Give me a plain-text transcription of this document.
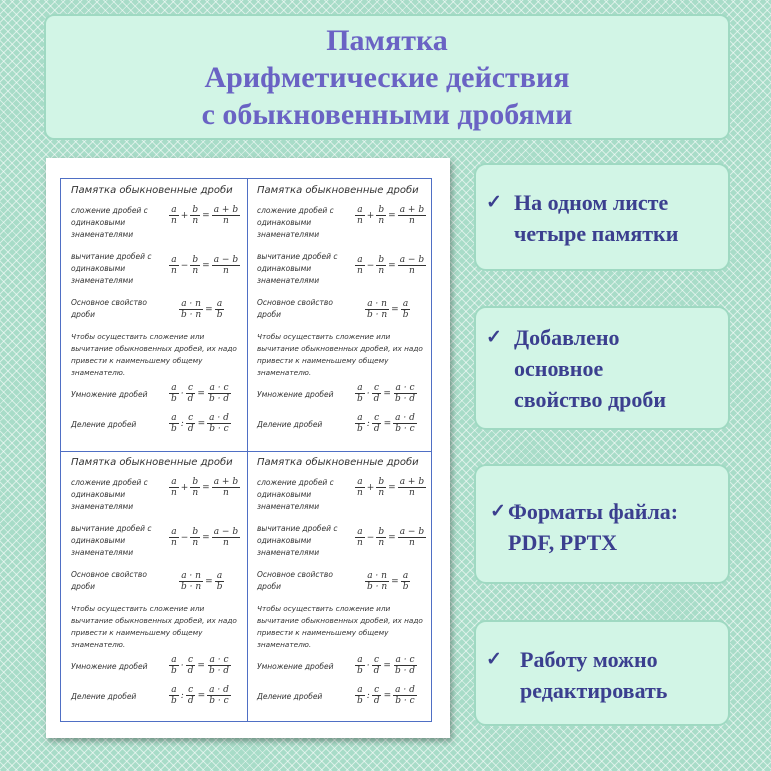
Памятка
Арифметические действия
с обыкновенными дробями
✓ На одном листе
четыре памятки
✓ Добавлено
основное
свойство дроби
✓ Форматы файла:
PDF, PPTX
✓ Работу можно
редактировать
Памятка обыкновенные дроби
сложение дробей с одинаковыми знаменателями
$\frac{a}{n} + \frac{b}{n} = \frac{a + b}{n}$
вычитание дробей с одинаковыми знаменателями
$\frac{a}{n} - \frac{b}{n} = \frac{a - b}{n}$
Основное свойство дроби	$\frac{a \cdot n}{b \cdot n} = \frac{a}{b}$
Чтобы осуществить сложение или вычитание обыкновенных дробей, их надо привести к наименьшему общему знаменателю.
Умножение дробей	$\frac{a}{b} \cdot \frac{c}{d} = \frac{a \cdot c}{b \cdot d}$
Деление дробей	$\frac{a}{b}$ : $\frac{c}{d} = \frac{a \cdot d}{b \cdot c}$
Памятка обыкновенные дроби
сложение дробей с одинаковыми знаменателями
$\frac{a}{n} + \frac{b}{n} = \frac{a + b}{n}$
вычитание дробей с одинаковыми знаменателями
$\frac{a}{n} - \frac{b}{n} = \frac{a - b}{n}$
Основное свойство дроби	$\frac{a \cdot n}{b \cdot n} = \frac{a}{b}$
Чтобы осуществить сложение или вычитание обыкновенных дробей, их надо привести к наименьшему общему знаменателю.
Умножение дробей	$\frac{a}{b} \cdot \frac{c}{d} = \frac{a \cdot c}{b \cdot d}$
Деление дробей	$\frac{a}{b}$ : $\frac{c}{d} = \frac{a \cdot d}{b \cdot c}$
Памятка обыкновенные дроби
сложение дробей с одинаковыми знаменателями
$\frac{a}{n} + \frac{b}{n} = \frac{a + b}{n}$
вычитание дробей с одинаковыми знаменателями
$\frac{a}{n} - \frac{b}{n} = \frac{a - b}{n}$
Основное свойство дроби	$\frac{a \cdot n}{b \cdot n} = \frac{a}{b}$
Чтобы осуществить сложение или вычитание обыкновенных дробей, их надо привести к наименьшему общему знаменателю.
Умножение дробей	$\frac{a}{b} \cdot \frac{c}{d} = \frac{a \cdot c}{b \cdot d}$
Деление дробей	$\frac{a}{b}$ : $\frac{c}{d} = \frac{a \cdot d}{b \cdot c}$
Памятка обыкновенные дроби
сложение дробей с одинаковыми знаменателями
$\frac{a}{n} + \frac{b}{n} = \frac{a + b}{n}$
вычитание дробей с одинаковыми знаменателями
$\frac{a}{n} - \frac{b}{n} = \frac{a - b}{n}$
Основное свойство дроби	$\frac{a \cdot n}{b \cdot n} = \frac{a}{b}$
Чтобы осуществить сложение или вычитание обыкновенных дробей, их надо привести к наименьшему общему знаменателю.
Умножение дробей	$\frac{a}{b} \cdot \frac{c}{d} = \frac{a \cdot c}{b \cdot d}$
Деление дробей	$\frac{a}{b}$ : $\frac{c}{d} = \frac{a \cdot d}{b \cdot c}$
